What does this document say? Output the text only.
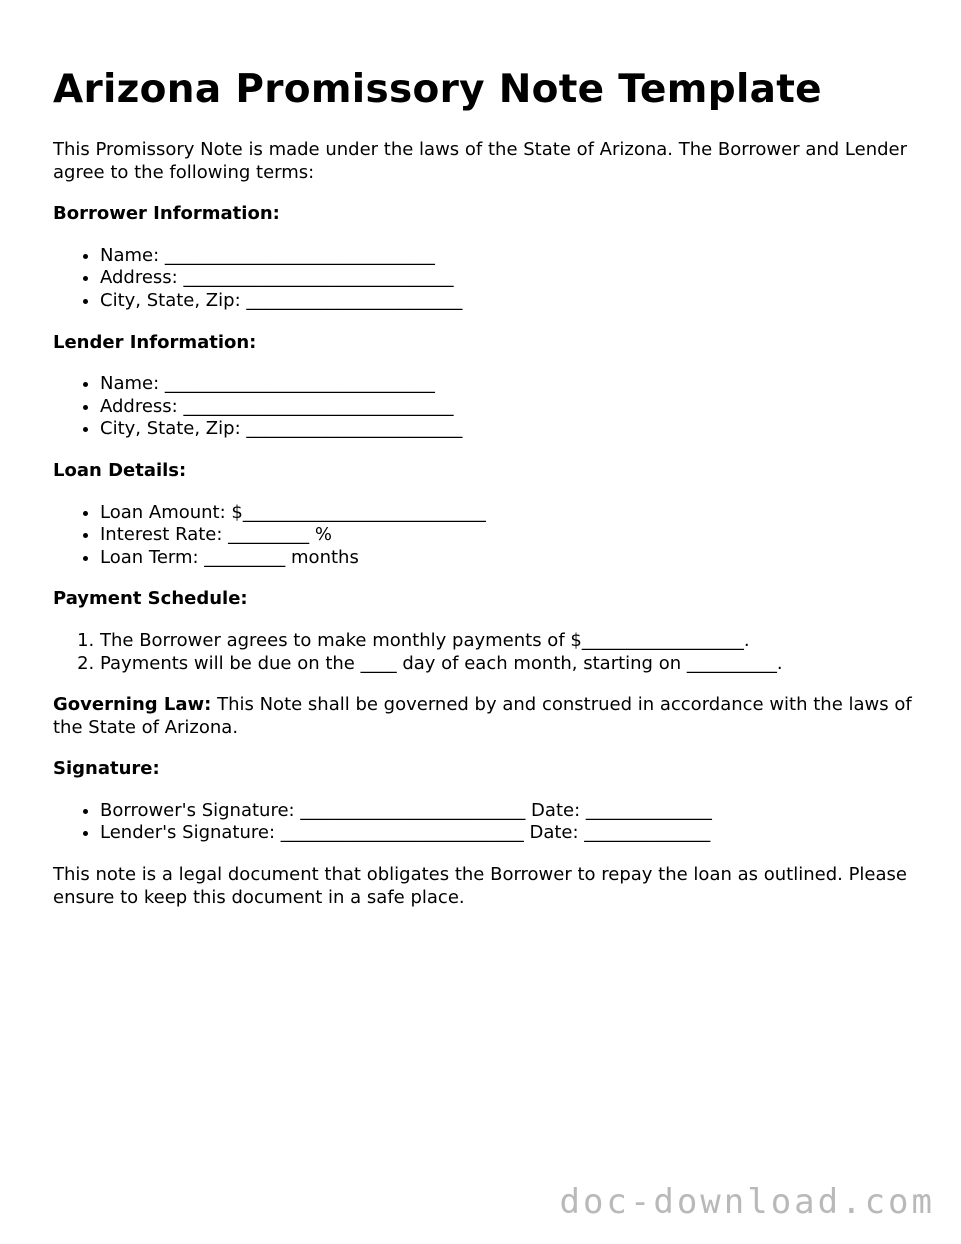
Arizona Promissory Note Template

This Promissory Note is made under the laws of the State of Arizona. The Borrower and Lender agree to the following terms:

Borrower Information:
• Name: ______________________________
• Address: ______________________________
• City, State, Zip: ________________________
Lender Information:
• Name: ______________________________
• Address: ______________________________
• City, State, Zip: ________________________
Loan Details:
• Loan Amount: $___________________________
• Interest Rate: _________ %
• Loan Term: _________ months
Payment Schedule:
1. The Borrower agrees to make monthly payments of $__________________.
2. Payments will be due on the ____ day of each month, starting on __________.

Governing Law: This Note shall be governed by and construed in accordance with the laws of the State of Arizona.

Signature:
• Borrower's Signature: _________________________ Date: ______________
• Lender's Signature: ___________________________ Date: ______________

This note is a legal document that obligates the Borrower to repay the loan as outlined. Please ensure to keep this document in a safe place.

doc-download.com
